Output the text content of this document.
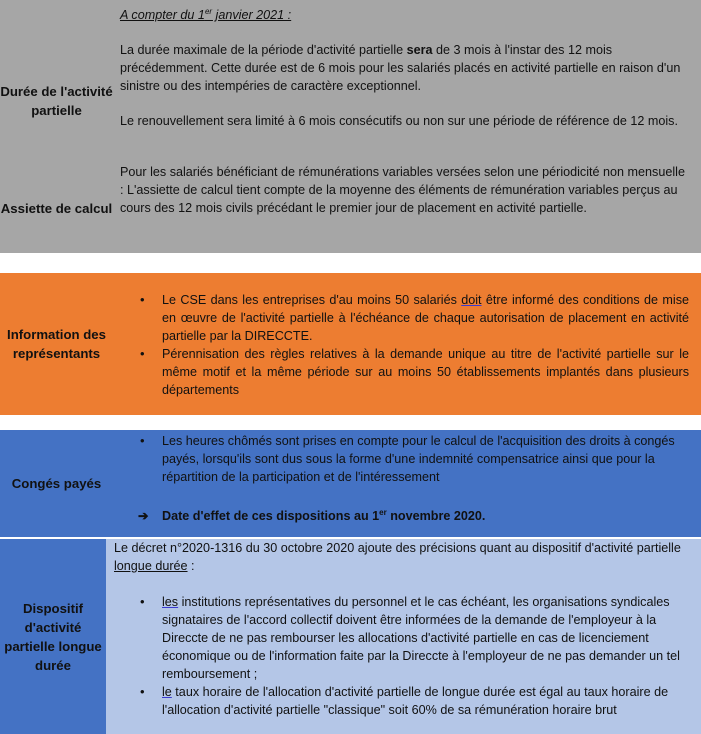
Durée de l'activité partielle
Assiette de calcul

A compter du 1er janvier 2021 :

La durée maximale de la période d'activité partielle sera de 3 mois à l'instar des 12 mois précédemment. Cette durée est de 6 mois pour les salariés placés en activité partielle en raison d'un sinistre ou des intempéries de caractère exceptionnel.

Le renouvellement sera limité à 6 mois consécutifs ou non sur une période de référence de 12 mois.

Pour les salariés bénéficiant de rémunérations variables versées selon une périodicité non mensuelle : L'assiette de calcul tient compte de la moyenne des éléments de rémunération variables perçus au cours des 12 mois civils précédant le premier jour de placement en activité partielle.

Information des représentants
• Le CSE dans les entreprises d'au moins 50 salariés doit être informé des conditions de mise en œuvre de l'activité partielle à l'échéance de chaque autorisation de placement en activité partielle par la DIRECCTE.
• Pérennisation des règles relatives à la demande unique au titre de l'activité partielle sur le même motif et la même période sur au moins 50 établissements implantés dans plusieurs départements
Congés payés
• Les heures chômés sont prises en compte pour le calcul de l'acquisition des droits à congés payés, lorsqu'ils sont dus sous la forme d'une indemnité compensatrice ainsi que pour la répartition de la participation et de l'intéressement

➔ Date d'effet de ces dispositions au 1er novembre 2020.

Dispositif d'activité partielle longue durée

Le décret n°2020-1316 du 30 octobre 2020 ajoute des précisions quant au dispositif d'activité partielle longue durée :

• les institutions représentatives du personnel et le cas échéant, les organisations syndicales signataires de l'accord collectif doivent être informées de la demande de l'employeur à la Direccte de ne pas rembourser les allocations d'activité partielle en cas de licenciement économique ou de l'information faite par la Direccte à l'employeur de ne pas demander un tel remboursement ;
• le taux horaire de l'allocation d'activité partielle de longue durée est égal au taux horaire de l'allocation d'activité partielle "classique" soit 60% de sa rémunération horaire brut
